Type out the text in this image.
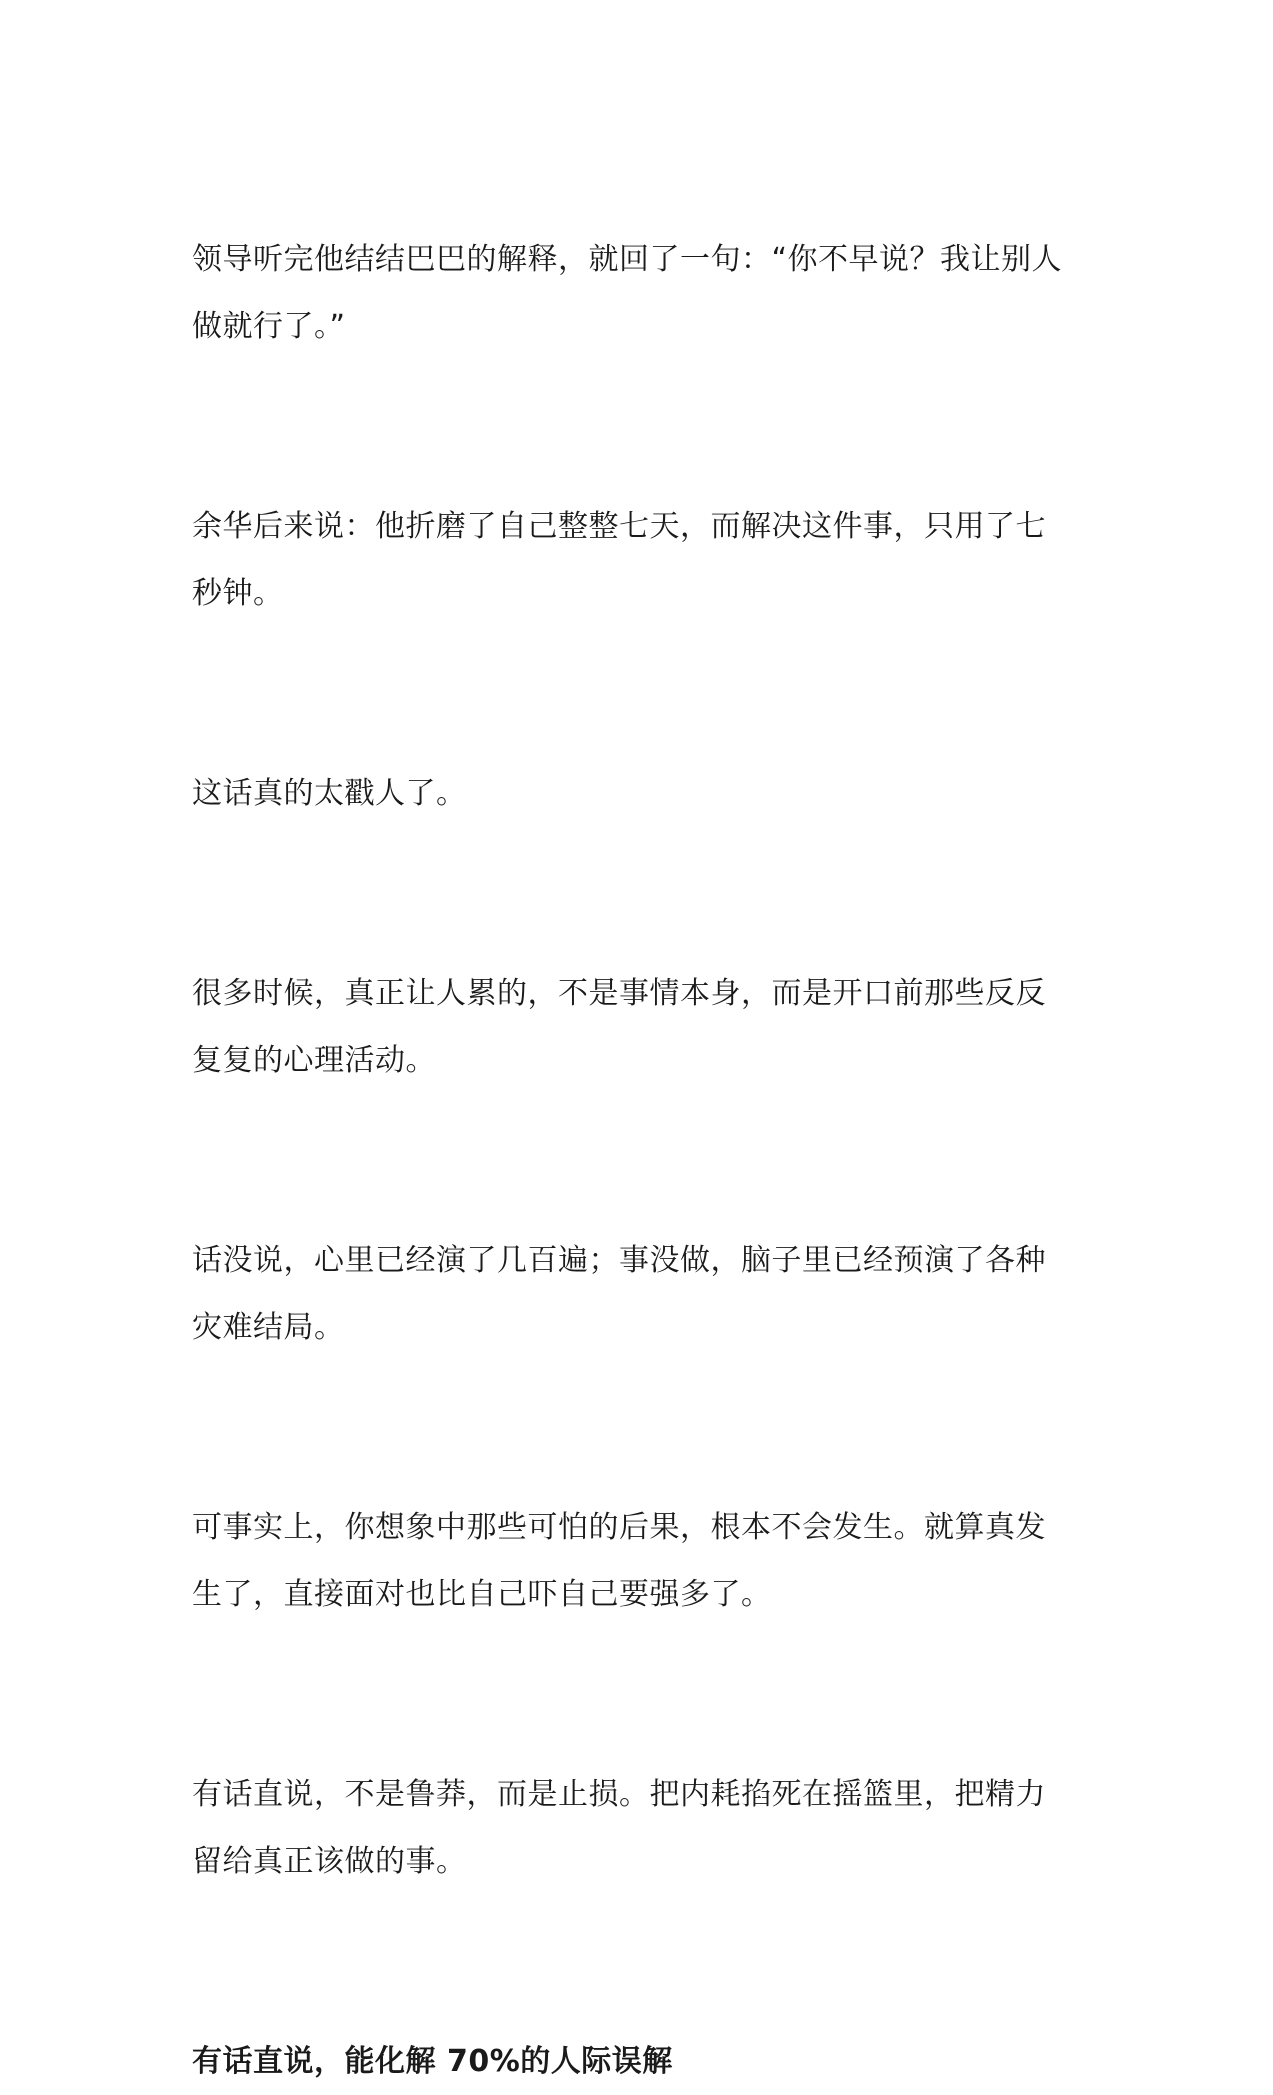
领导听完他结结巴巴的解释，就回了一句：“你不早说？我让别人
做就行了。”

余华后来说：他折磨了自己整整七天，而解决这件事，只用了七
秒钟。

这话真的太戳人了。

很多时候，真正让人累的，不是事情本身，而是开口前那些反反
复复的心理活动。

话没说，心里已经演了几百遍；事没做，脑子里已经预演了各种
灾难结局。

可事实上，你想象中那些可怕的后果，根本不会发生。就算真发
生了，直接面对也比自己吓自己要强多了。

有话直说，不是鲁莽，而是止损。把内耗掐死在摇篮里，把精力
留给真正该做的事。

有话直说，能化解 70%的人际误解
